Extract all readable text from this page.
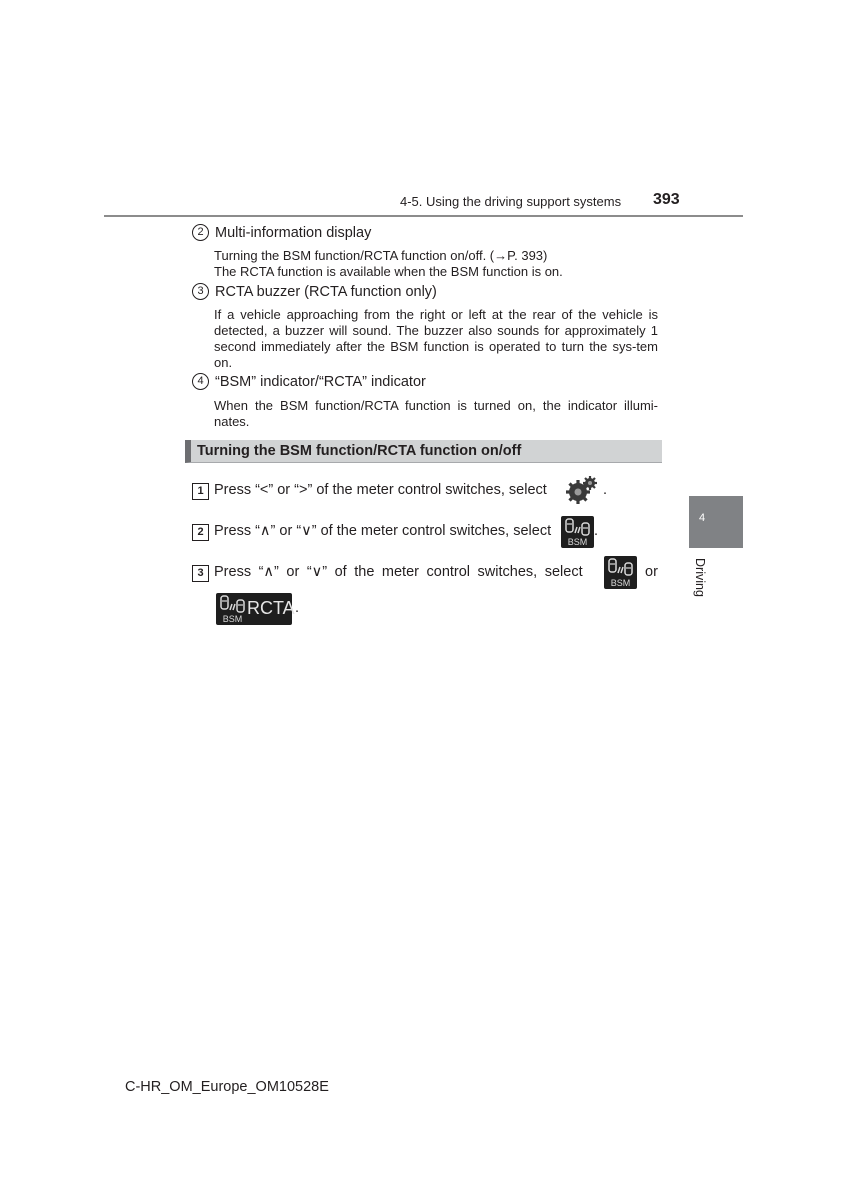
4-5. Using the driving support systems 393
2 Multi-information display

Turning the BSM function/RCTA function on/off. (→P. 393)

The RCTA function is available when the BSM function is on.

3 RCTA buzzer (RCTA function only)

If a vehicle approaching from the right or left at the rear of the vehicle is detected, a buzzer will sound. The buzzer also sounds for approximately 1 second immediately after the BSM function is operated to turn the sys-tem on.

4 “BSM” indicator/“RCTA” indicator

When the BSM function/RCTA function is turned on, the indicator illumi-nates.

Turning the BSM function/RCTA function on/off
1 Press “<” or “>” of the meter control switches, select	.
2 Press “∧” or “∨” of the meter control switches, select	.
BSM
3 Press “∧” or “∨” of the meter control switches, select	or
BSM
BSM
RCTA .
4
Driving
C-HR_OM_Europe_OM10528E
